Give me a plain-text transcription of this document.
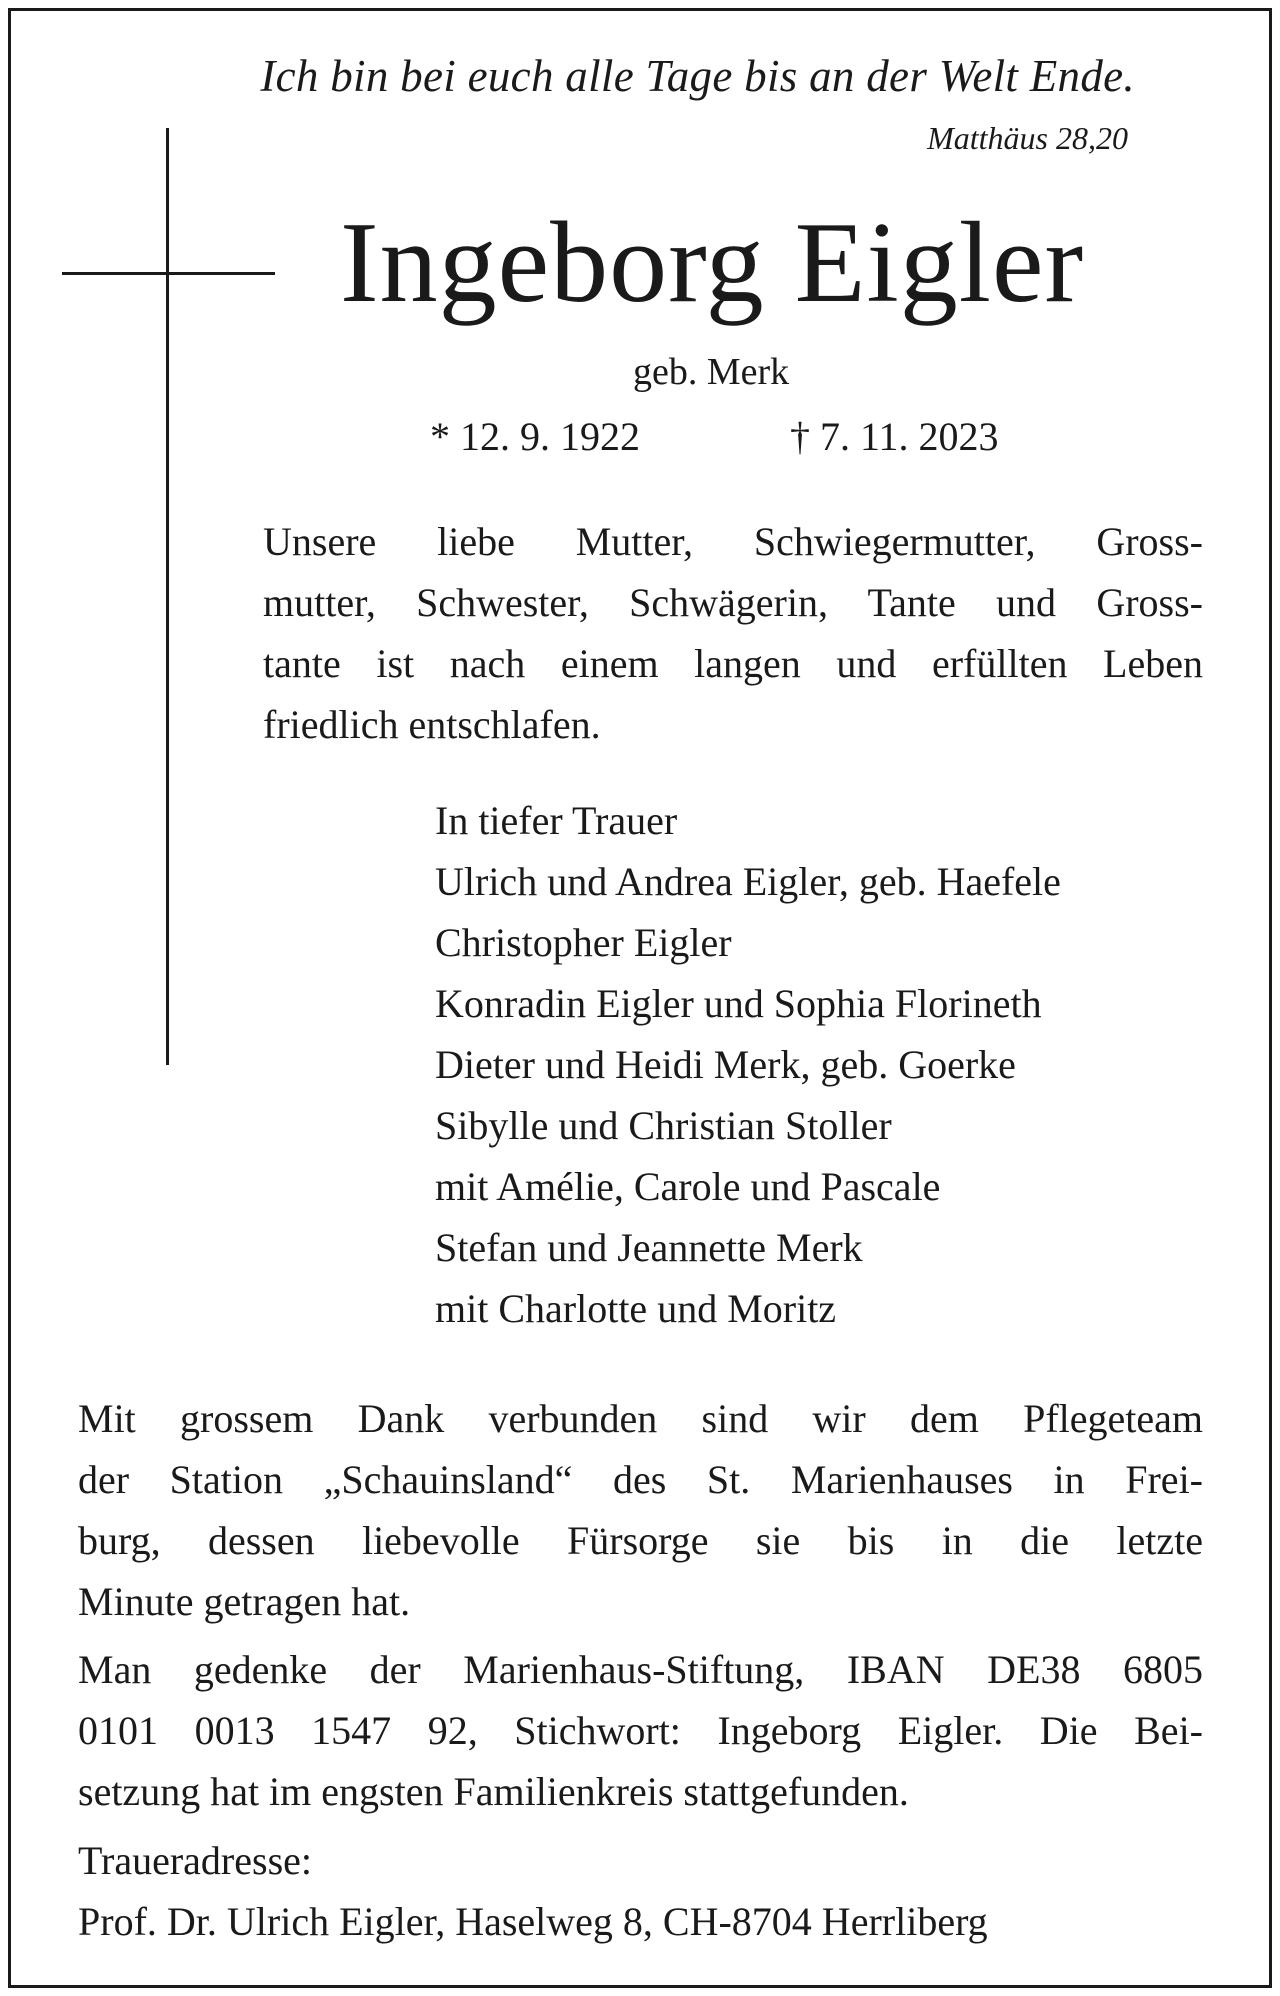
Ich bin bei euch alle Tage bis an der Welt Ende.
Matthäus 28,20
Ingeborg Eigler
geb. Merk
* 12. 9. 1922	† 7. 11. 2023
Unsere liebe Mutter, Schwiegermutter, Gross-
mutter, Schwester, Schwägerin, Tante und Gross-
tante ist nach einem langen und erfüllten Leben
friedlich entschlafen.
In tiefer Trauer
Ulrich und Andrea Eigler, geb. Haefele
Christopher Eigler
Konradin Eigler und Sophia Florineth
Dieter und Heidi Merk, geb. Goerke
Sibylle und Christian Stoller
mit Amélie, Carole und Pascale
Stefan und Jeannette Merk
mit Charlotte und Moritz
Mit grossem Dank verbunden sind wir dem Pflegeteam
der Station „Schauinsland“ des St. Marienhauses in Frei-
burg, dessen liebevolle Fürsorge sie bis in die letzte
Minute getragen hat.
Man gedenke der Marienhaus-Stiftung, IBAN DE38 6805
0101 0013 1547 92, Stichwort: Ingeborg Eigler. Die Bei-
setzung hat im engsten Familienkreis stattgefunden.
Traueradresse:
Prof. Dr. Ulrich Eigler, Haselweg 8, CH-8704 Herrliberg
